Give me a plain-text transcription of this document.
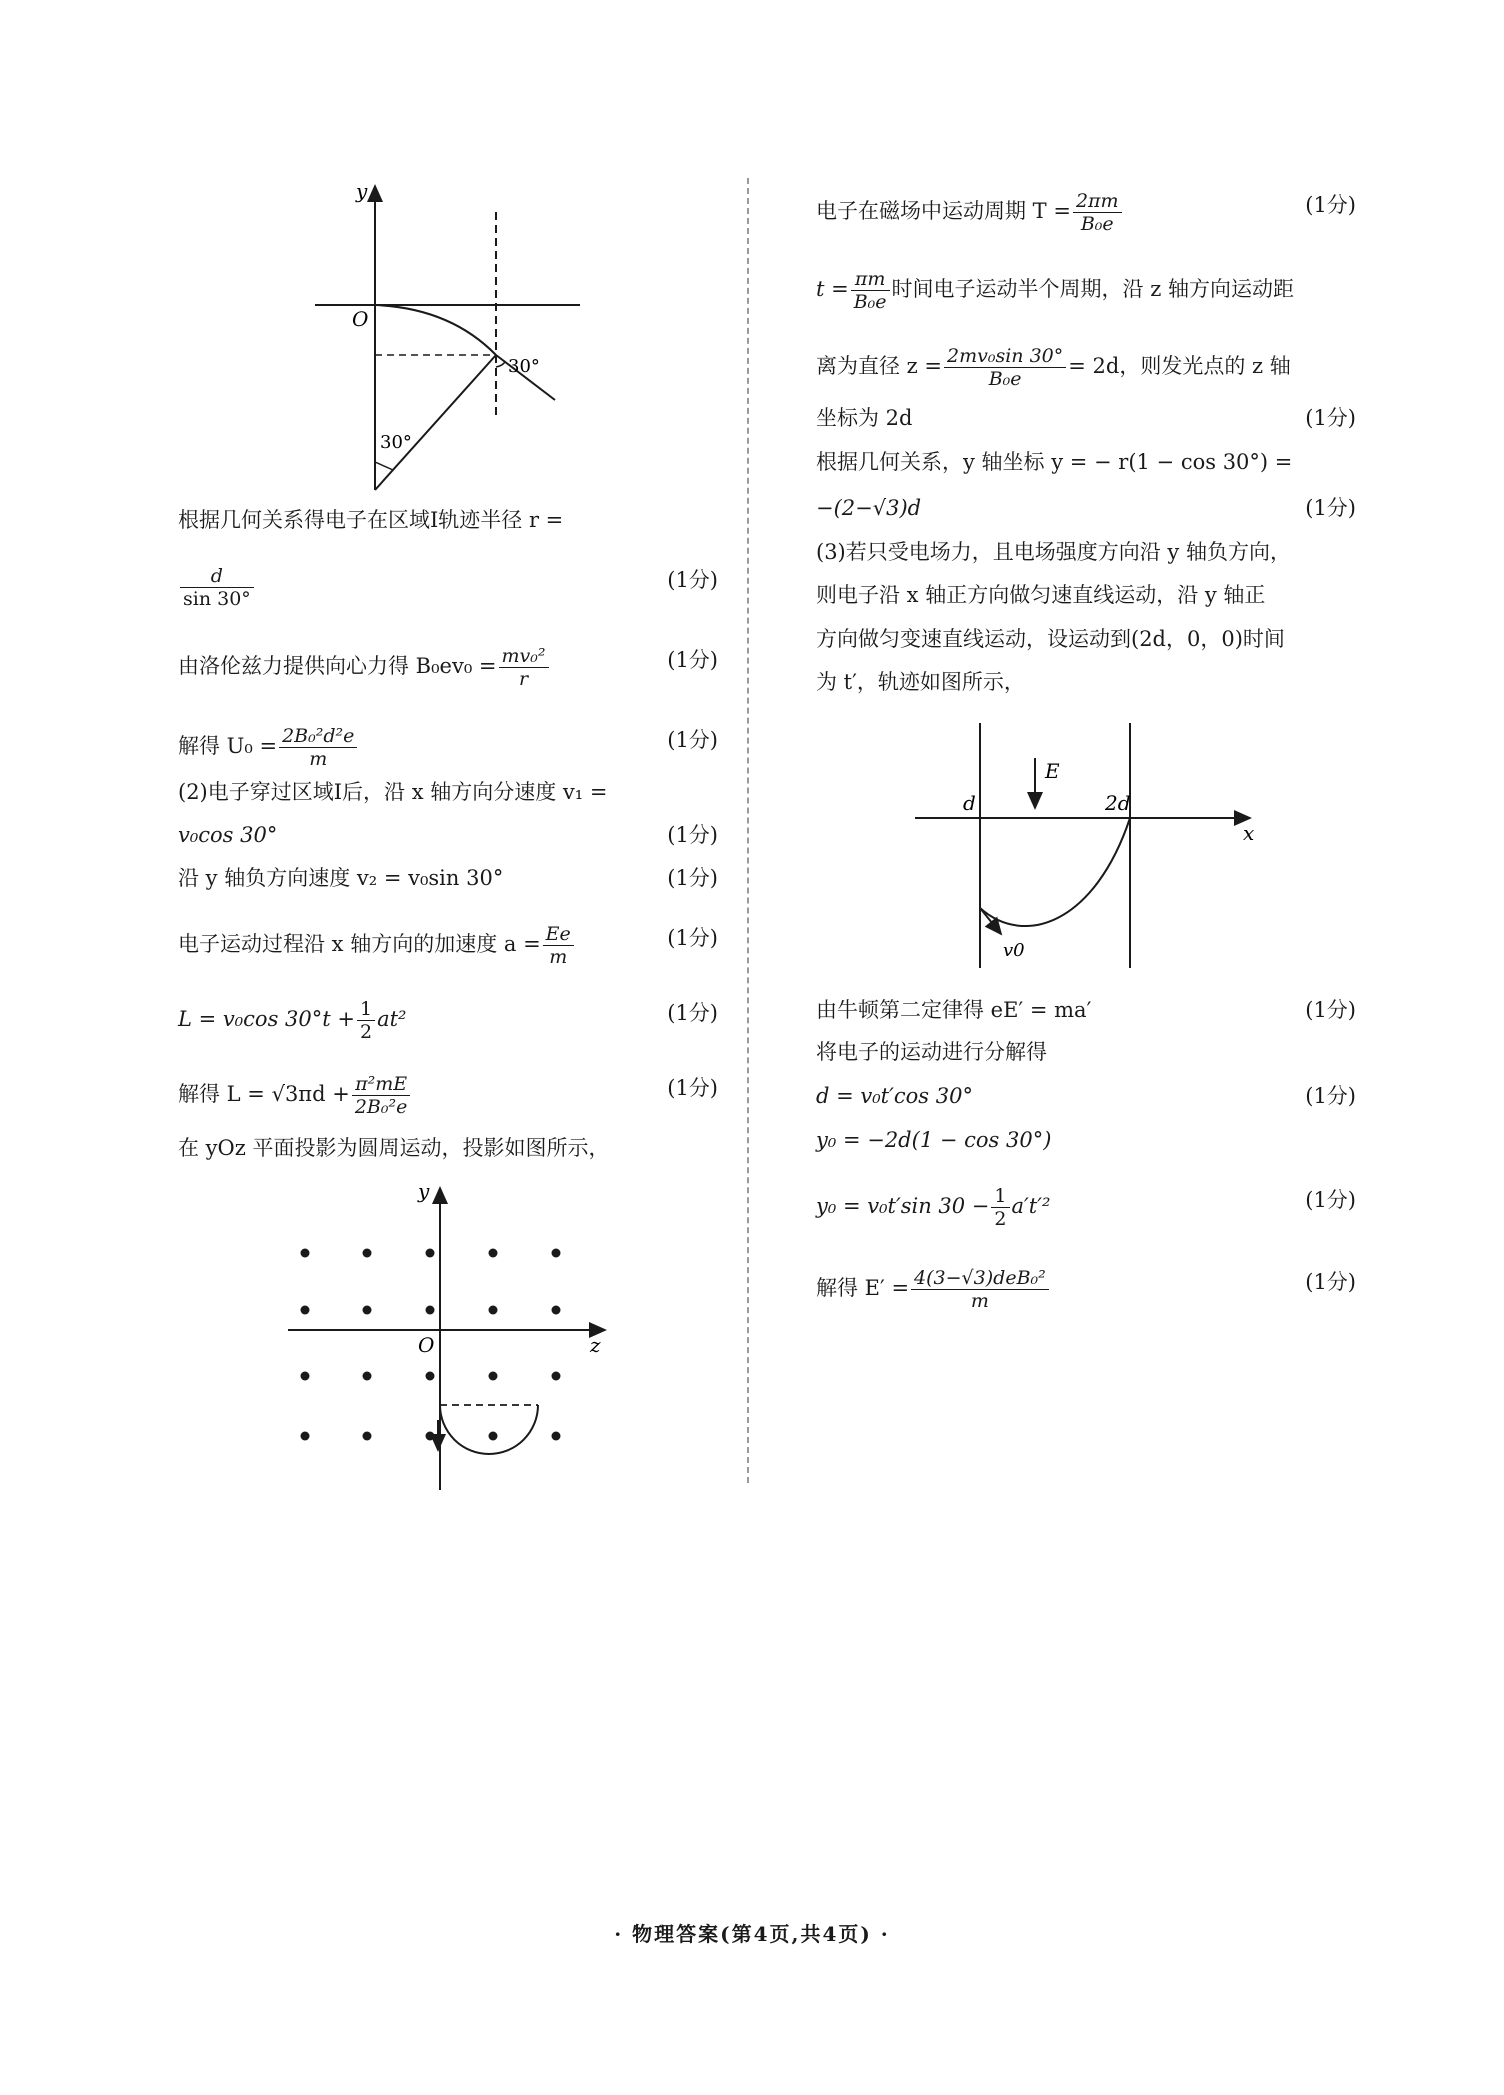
y
O
30°
30°
根据几何关系得电子在区域Ⅰ轨迹半径 r =
$\frac{d}{\sin 30^\circ}$	(1分)
由洛伦兹力提供向心力得 $B_0ev_0 = \frac{\text{mv₀²}}{r}$	(1分)
解得 $U_0 = \frac{\text{2B₀²d²e}}{m}$	(1分)
(2)电子穿过区域Ⅰ后，沿 x 轴方向分速度 v₁ =
v₀cos 30°	(1分)
沿 y 轴负方向速度 v₂ = v₀sin 30°	(1分)
电子运动过程沿 x 轴方向的加速度 $a = \frac{Ee}{m}$	(1分)
L = v₀cos $30^\circ t + \frac{1}{2} at^2$	(1分)
解得 $L = √3\pi d + \frac{\text{π²mE}}{\text{2B₀²e}}$	(1分)
在 yOz 平面投影为圆周运动，投影如图所示，
y
O	z
电子在磁场中运动周期 $T = \frac{2\pi m}{\text{B₀e}}$	(1分)
$t = \frac{\pi m}{\text{B₀e}}$ 时间电子运动半个周期，沿 z 轴方向运动距
离为直径 $z = \frac{\text{2mv₀sin 30°}}{\text{B₀e}} = 2d$，则发光点的 z 轴
坐标为 2d	(1分)
根据几何关系，y 轴坐标 y = − r(1 − cos 30°) =
−(2−√3)d	(1分)
(3)若只受电场力，且电场强度方向沿 y 轴负方向，
则电子沿 x 轴正方向做匀速直线运动，沿 y 轴正
方向做匀变速直线运动，设运动到(2d，0，0)时间
为 t′，轨迹如图所示，
E
d	2d
x
v0
由牛顿第二定律得 eE′ = ma′	(1分)
将电子的运动进行分解得
d = v₀t′cos 30°	(1分)
y₀ = −2d(1 − cos 30°)
y₀ = v₀t′sin $30 - \frac{1}{2} a't'^2$	(1分)
解得 $E' = \frac{\text{4(3−√3)deB₀²}}{m}$	(1分)
· 物理答案(第4页,共4页) ·
